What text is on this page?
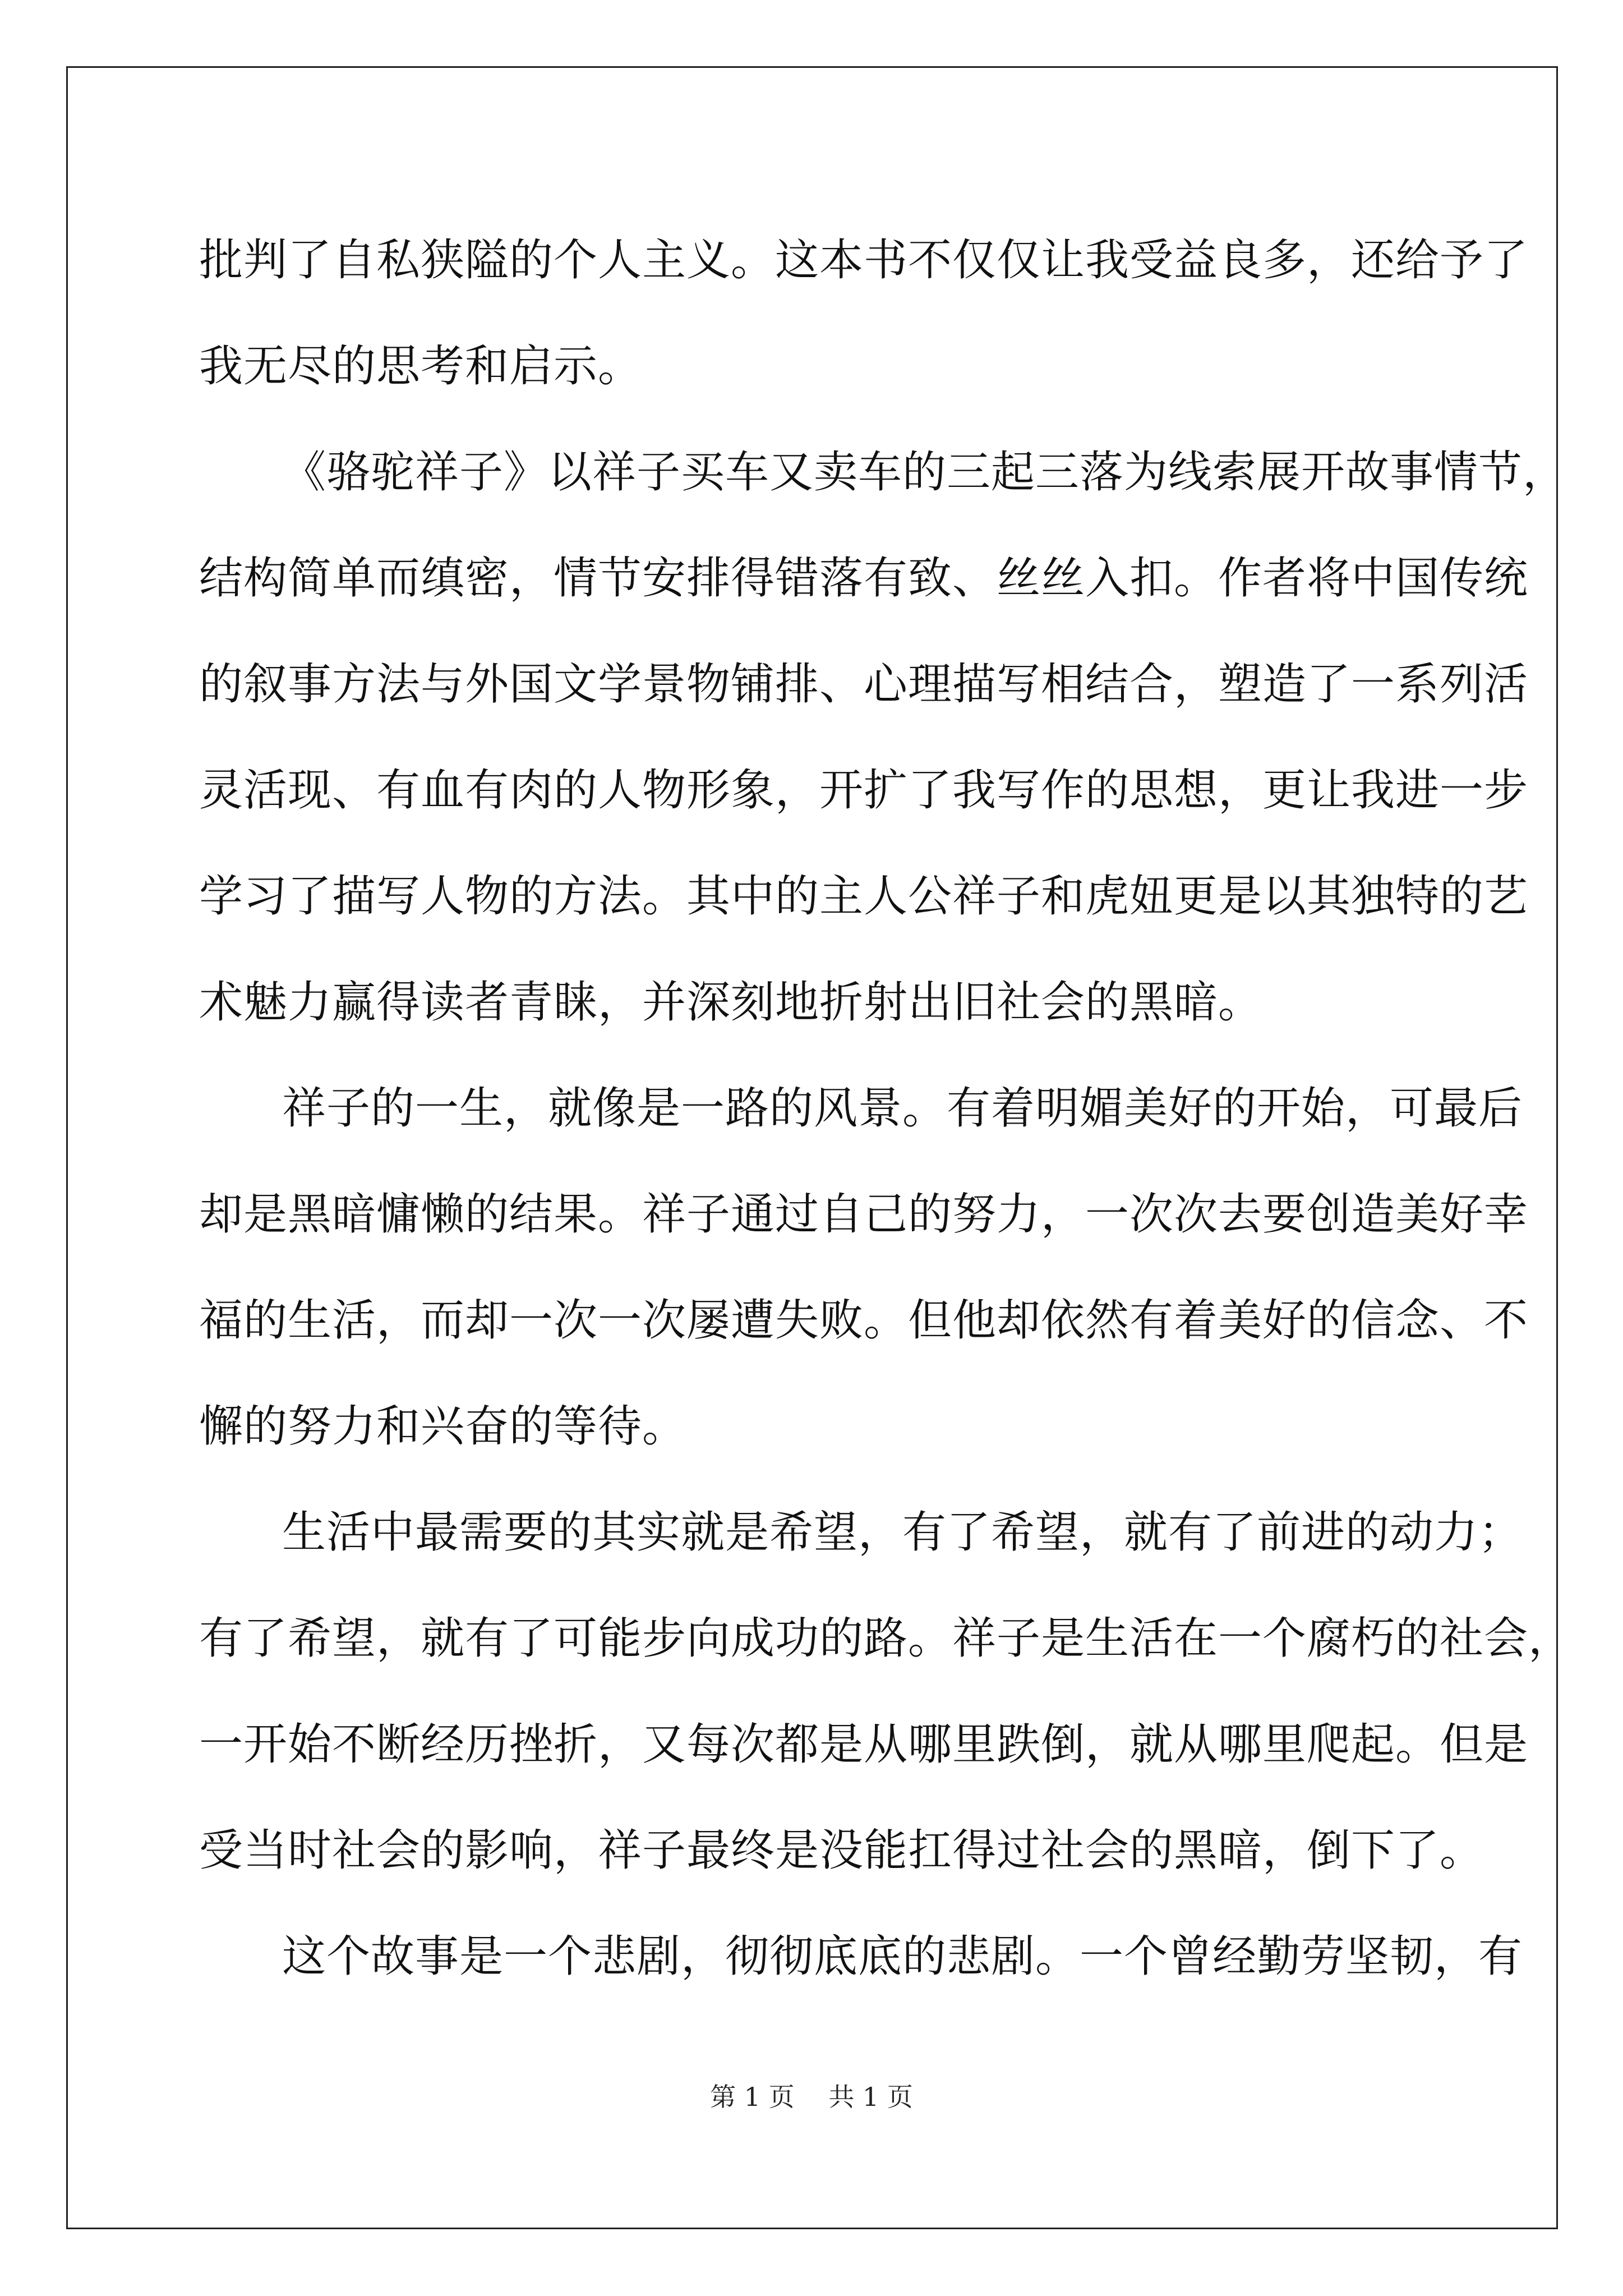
批判了自私狭隘的个人主义。这本书不仅仅让我受益良多，还给予了
我无尽的思考和启示。
《骆驼祥子》以祥子买车又卖车的三起三落为线索展开故事情节，
结构简单而缜密，情节安排得错落有致、丝丝入扣。作者将中国传统
的叙事方法与外国文学景物铺排、心理描写相结合，塑造了一系列活
灵活现、有血有肉的人物形象，开扩了我写作的思想，更让我进一步
学习了描写人物的方法。其中的主人公祥子和虎妞更是以其独特的艺
术魅力赢得读者青睐，并深刻地折射出旧社会的黑暗。
祥子的一生，就像是一路的风景。有着明媚美好的开始，可最后
却是黑暗慵懒的结果。祥子通过自己的努力，一次次去要创造美好幸
福的生活，而却一次一次屡遭失败。但他却依然有着美好的信念、不
懈的努力和兴奋的等待。
生活中最需要的其实就是希望，有了希望，就有了前进的动力；
有了希望，就有了可能步向成功的路。祥子是生活在一个腐朽的社会，
一开始不断经历挫折，又每次都是从哪里跌倒，就从哪里爬起。但是
受当时社会的影响，祥子最终是没能扛得过社会的黑暗，倒下了。
这个故事是一个悲剧，彻彻底底的悲剧。一个曾经勤劳坚韧，有
第 1 页 共 1 页
